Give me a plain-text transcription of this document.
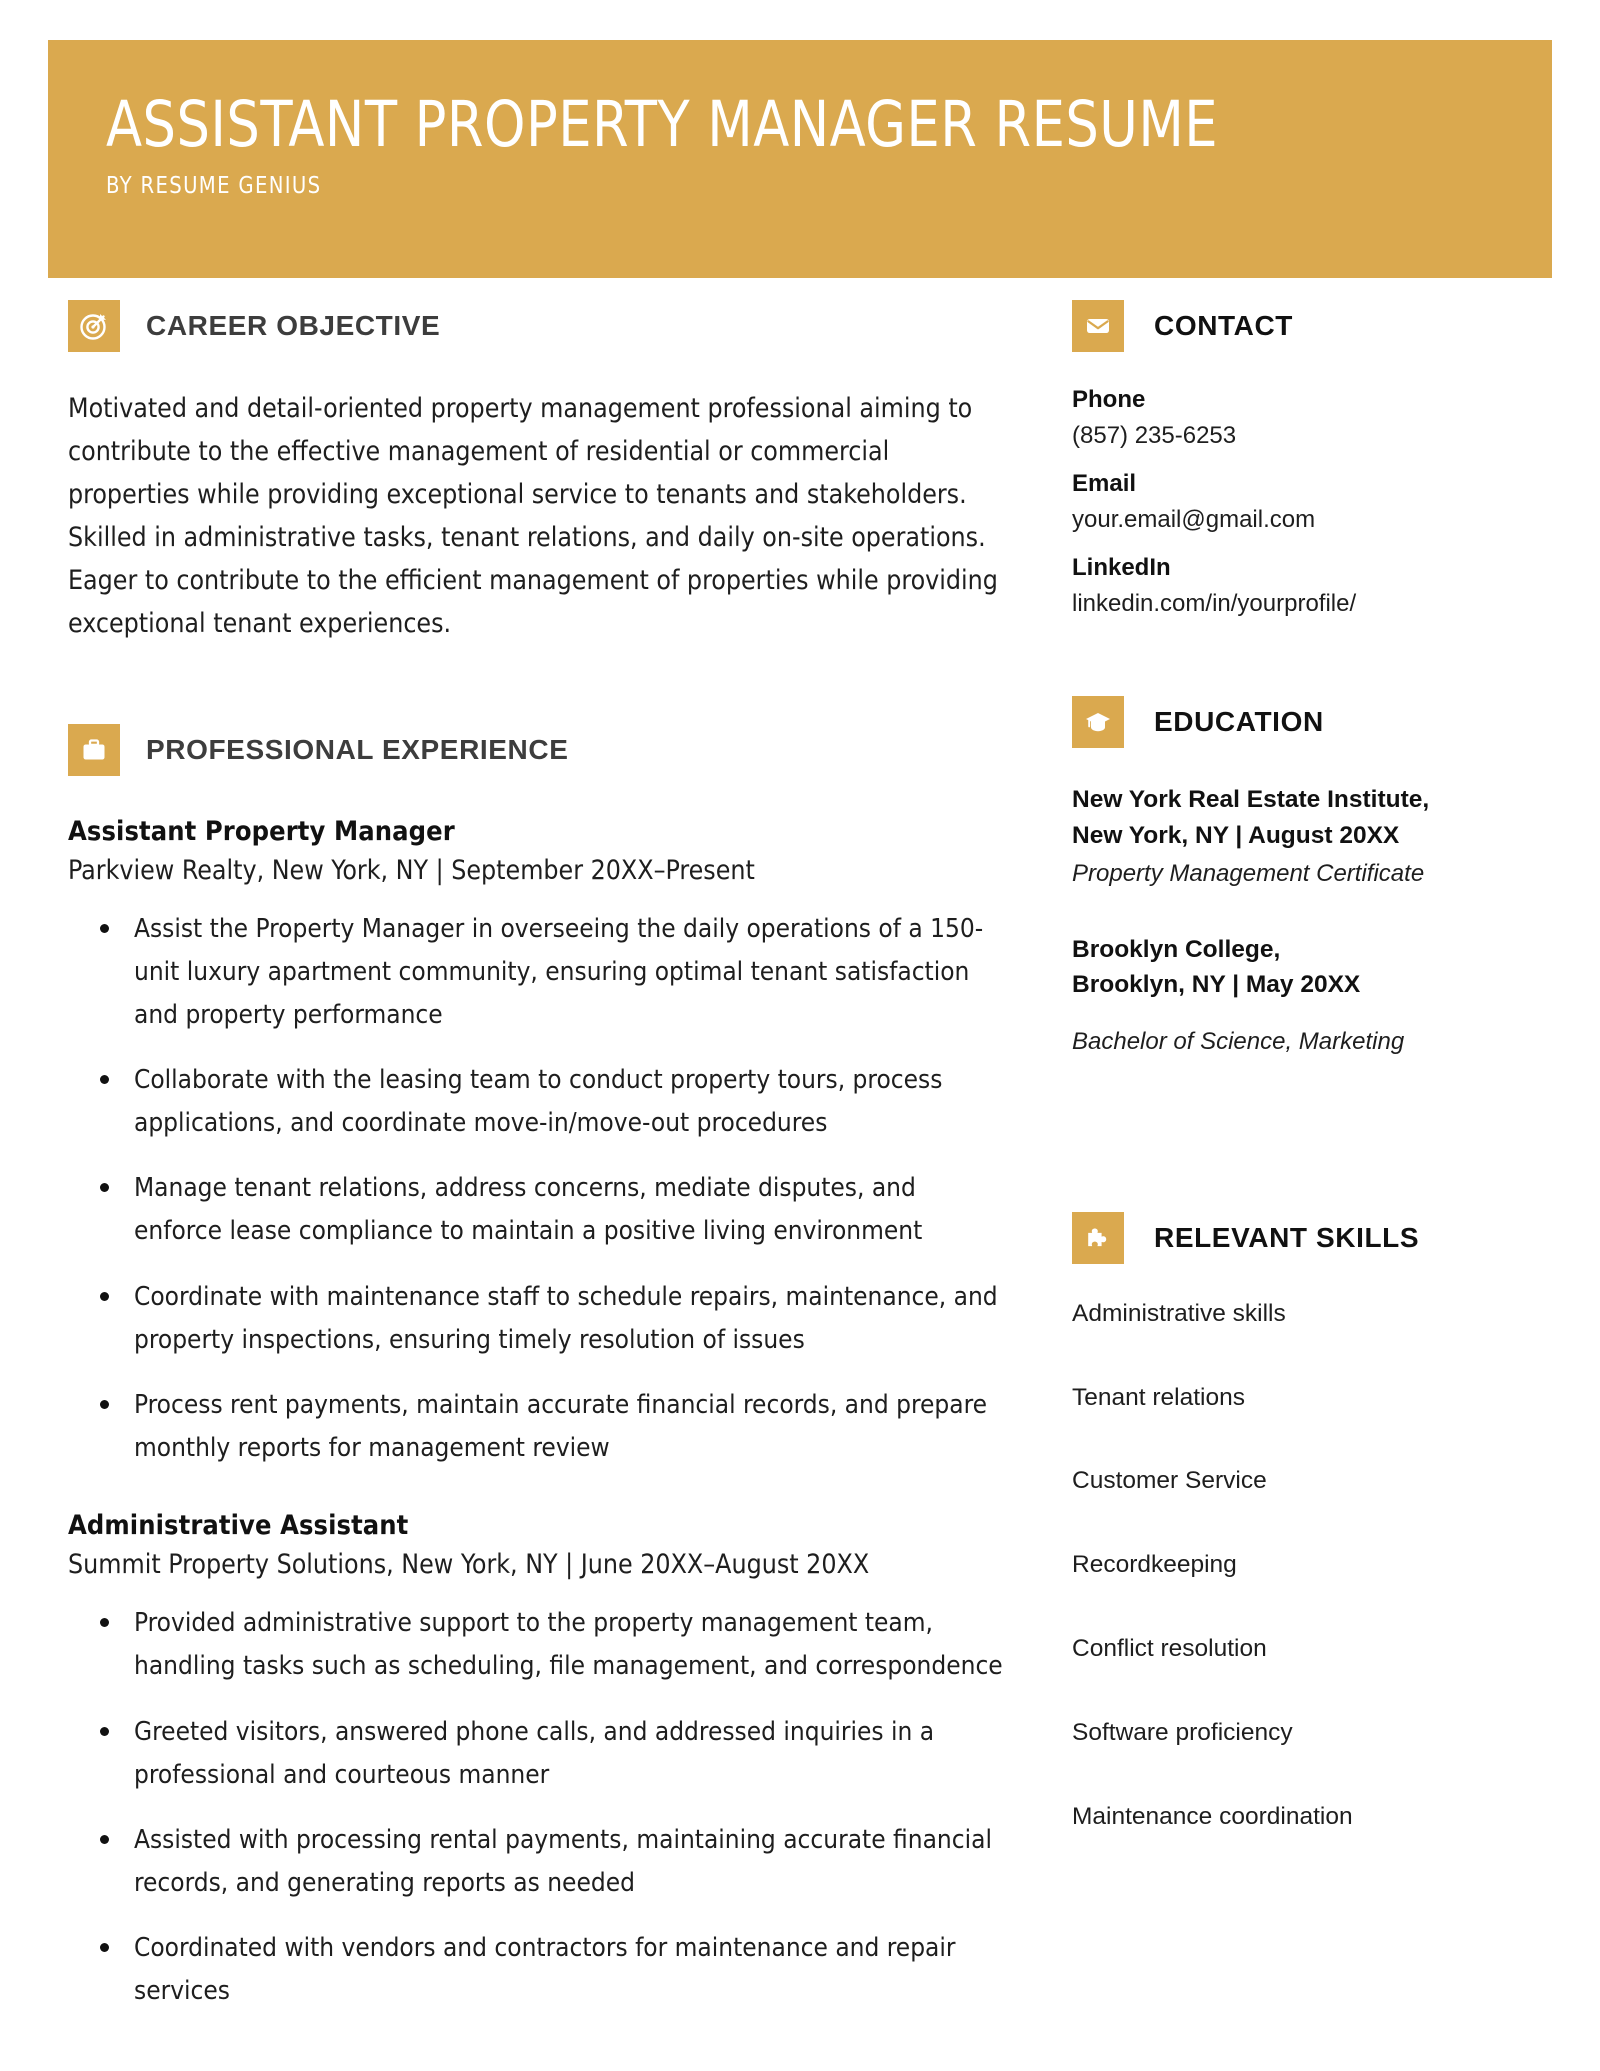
ASSISTANT PROPERTY MANAGER RESUME
BY RESUME GENIUS
CAREER OBJECTIVE

Motivated and detail-oriented property management professional aiming to contribute to the effective management of residential or commercial properties while providing exceptional service to tenants and stakeholders. Skilled in administrative tasks, tenant relations, and daily on-site operations. Eager to contribute to the efficient management of properties while providing exceptional tenant experiences.

PROFESSIONAL EXPERIENCE
Assistant Property Manager
Parkview Realty, New York, NY | September 20XX–Present
Assist the Property Manager in overseeing the daily operations of a 150-unit luxury apartment community, ensuring optimal tenant satisfaction and property performance
Collaborate with the leasing team to conduct property tours, process applications, and coordinate move-in/move-out procedures
Manage tenant relations, address concerns, mediate disputes, and enforce lease compliance to maintain a positive living environment
Coordinate with maintenance staff to schedule repairs, maintenance, and property inspections, ensuring timely resolution of issues
Process rent payments, maintain accurate financial records, and prepare monthly reports for management review
Administrative Assistant
Summit Property Solutions, New York, NY | June 20XX–August 20XX
Provided administrative support to the property management team, handling tasks such as scheduling, file management, and correspondence
Greeted visitors, answered phone calls, and addressed inquiries in a professional and courteous manner
Assisted with processing rental payments, maintaining accurate financial records, and generating reports as needed
Coordinated with vendors and contractors for maintenance and repair services
CONTACT
Phone
(857) 235-6253
Email
your.email@gmail.com
LinkedIn
linkedin.com/in/yourprofile/
EDUCATION
New York Real Estate Institute,
New York, NY | August 20XX
Property Management Certificate
Brooklyn College,
Brooklyn, NY | May 20XX
Bachelor of Science, Marketing
RELEVANT SKILLS
Administrative skills
Tenant relations
Customer Service
Recordkeeping
Conflict resolution
Software proficiency
Maintenance coordination
